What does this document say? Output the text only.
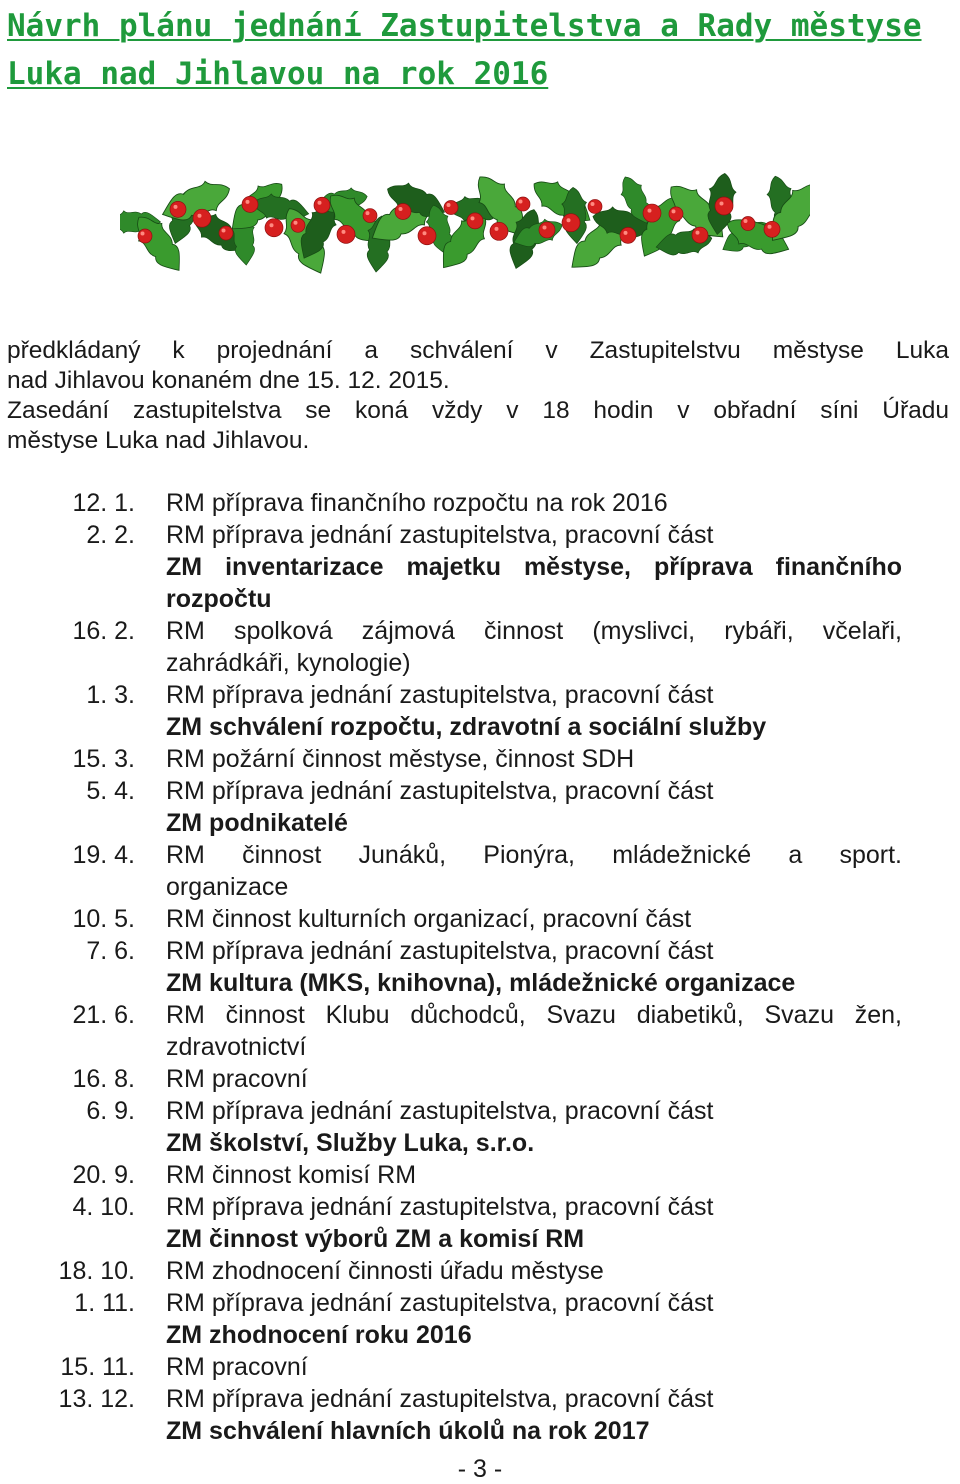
Návrh plánu jednání Zastupitelstva a Rady městyse
Luka nad Jihlavou na rok 2016

předkládaný k projednání a schválení v Zastupitelstvu městyse Luka

nad Jihlavou konaném dne 15. 12. 2015.

Zasedání zastupitelstva se koná vždy v 18 hodin v obřadní síni Úřadu

městyse Luka nad Jihlavou.

12. 1. RM příprava finančního rozpočtu na rok 2016
2. 2. RM příprava jednání zastupitelstva, pracovní část
ZM inventarizace majetku městyse, příprava finančního
rozpočtu
16. 2. RM spolková zájmová činnost (myslivci, rybáři, včelaři,
zahrádkáři, kynologie)
1. 3. RM příprava jednání zastupitelstva, pracovní část
ZM schválení rozpočtu, zdravotní a sociální služby
15. 3. RM požární činnost městyse, činnost SDH
5. 4. RM příprava jednání zastupitelstva, pracovní část
ZM podnikatelé
19. 4. RM činnost Junáků, Pionýra, mládežnické a sport.
organizace
10. 5. RM činnost kulturních organizací, pracovní část
7. 6. RM příprava jednání zastupitelstva, pracovní část
ZM kultura (MKS, knihovna), mládežnické organizace
21. 6. RM činnost Klubu důchodců, Svazu diabetiků, Svazu žen,
zdravotnictví
16. 8. RM pracovní
6. 9. RM příprava jednání zastupitelstva, pracovní část
ZM školství, Služby Luka, s.r.o.
20. 9. RM činnost komisí RM
4. 10. RM příprava jednání zastupitelstva, pracovní část
ZM činnost výborů ZM a komisí RM
18. 10. RM zhodnocení činnosti úřadu městyse
1. 11. RM příprava jednání zastupitelstva, pracovní část
ZM zhodnocení roku 2016
15. 11. RM pracovní
13. 12. RM příprava jednání zastupitelstva, pracovní část
ZM schválení hlavních úkolů na rok 2017
- 3 -
